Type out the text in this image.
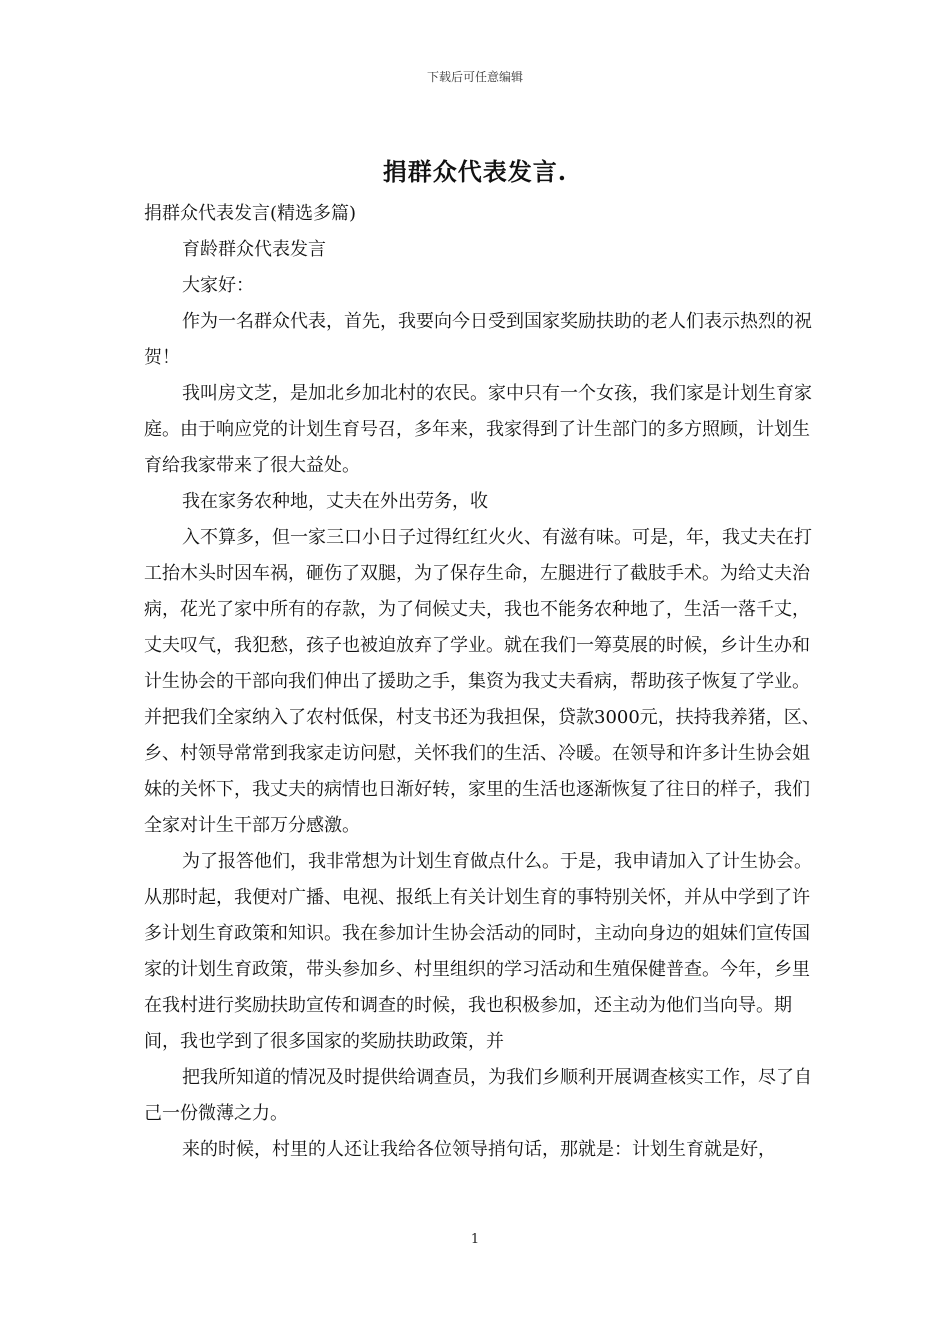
下载后可任意编辑
捐群众代表发言.

捐群众代表发言(精选多篇)

育龄群众代表发言

大家好：

作为一名群众代表，首先，我要向今日受到国家奖励扶助的老人们表示热烈的祝贺！

我叫房文芝，是加北乡加北村的农民。家中只有一个女孩，我们家是计划生育家庭。由于响应党的计划生育号召，多年来，我家得到了计生部门的多方照顾，计划生育给我家带来了很大益处。

我在家务农种地，丈夫在外出劳务，收

入不算多，但一家三口小日子过得红红火火、有滋有味。可是，年，我丈夫在打工抬木头时因车祸，砸伤了双腿，为了保存生命，左腿进行了截肢手术。为给丈夫治病，花光了家中所有的存款，为了伺候丈夫，我也不能务农种地了，生活一落千丈，丈夫叹气，我犯愁，孩子也被迫放弃了学业。就在我们一筹莫展的时候，乡计生办和计生协会的干部向我们伸出了援助之手，集资为我丈夫看病，帮助孩子恢复了学业。并把我们全家纳入了农村低保，村支书还为我担保，贷款3000元，扶持我养猪，区、乡、村领导常常到我家走访问慰，关怀我们的生活、冷暖。在领导和许多计生协会姐妹的关怀下，我丈夫的病情也日渐好转，家里的生活也逐渐恢复了往日的样子，我们全家对计生干部万分感激。

为了报答他们，我非常想为计划生育做点什么。于是，我申请加入了计生协会。从那时起，我便对广播、电视、报纸上有关计划生育的事特别关怀，并从中学到了许多计划生育政策和知识。我在参加计生协会活动的同时，主动向身边的姐妹们宣传国家的计划生育政策，带头参加乡、村里组织的学习活动和生殖保健普查。今年，乡里在我村进行奖励扶助宣传和调查的时候，我也积极参加，还主动为他们当向导。期间，我也学到了很多国家的奖励扶助政策，并

把我所知道的情况及时提供给调查员，为我们乡顺利开展调查核实工作，尽了自己一份微薄之力。

来的时候，村里的人还让我给各位领导捎句话，那就是：计划生育就是好，

1
